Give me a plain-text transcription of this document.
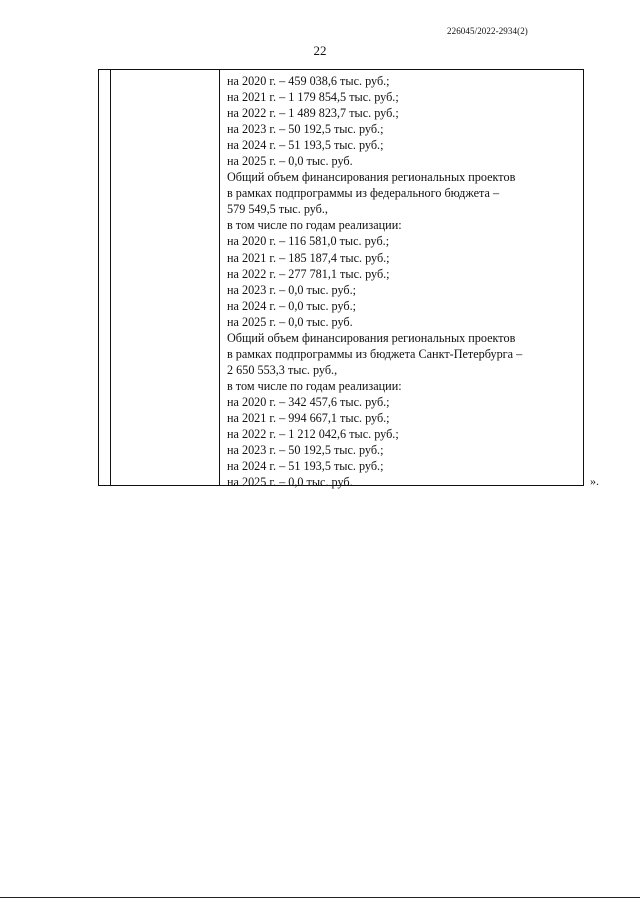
226045/2022-2934(2)
22
на 2020 г. – 459 038,6 тыс. руб.;
на 2021 г. – 1 179 854,5 тыс. руб.;
на 2022 г. – 1 489 823,7 тыс. руб.;
на 2023 г. – 50 192,5 тыс. руб.;
на 2024 г. – 51 193,5 тыс. руб.;
на 2025 г. – 0,0 тыс. руб.
Общий объем финансирования региональных проектов
в рамках подпрограммы из федерального бюджета –
579 549,5 тыс. руб.,
в том числе по годам реализации:
на 2020 г. – 116 581,0 тыс. руб.;
на 2021 г. – 185 187,4 тыс. руб.;
на 2022 г. – 277 781,1 тыс. руб.;
на 2023 г. – 0,0 тыс. руб.;
на 2024 г. – 0,0 тыс. руб.;
на 2025 г. – 0,0 тыс. руб.
Общий объем финансирования региональных проектов
в рамках подпрограммы из бюджета Санкт-Петербурга –
2 650 553,3 тыс. руб.,
в том числе по годам реализации:
на 2020 г. – 342 457,6 тыс. руб.;
на 2021 г. – 994 667,1 тыс. руб.;
на 2022 г. – 1 212 042,6 тыс. руб.;
на 2023 г. – 50 192,5 тыс. руб.;
на 2024 г. – 51 193,5 тыс. руб.;
на 2025 г. – 0,0 тыс. руб.	».
